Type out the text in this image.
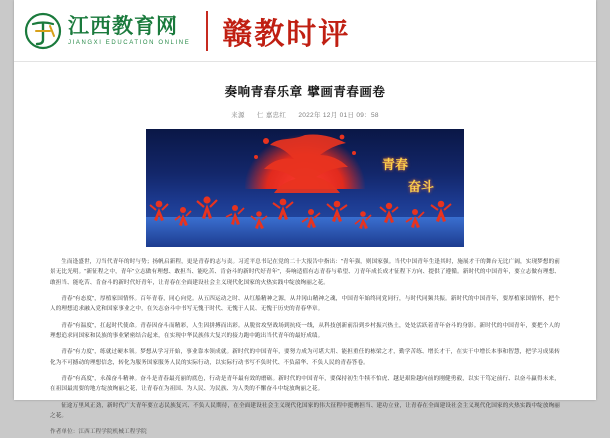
江西教育网
JIANGXI EDUCATION ONLINE 赣教时评
奏响青春乐章 擘画青春画卷
来源 仁 嘉忠红 2022年 12月 01日 09：58
青春
奋斗

生而逢盛世，刀当代青年的时与势；扬帆启新程，更是青春的志与责。习近平总书记在党的二十大报告中指出："青年强，则国家强。当代中国青年生逢其时，施展才干的舞台无比广阔，实现梦想的前景无比光明。"新征程之中，青年"立志做有理想、敢担当、能吃苦、肯奋斗的新时代好青年"，奏响适值有志青春与希望、刀青年成长成才征程下方向、提供了遵循。新时代的中国青年，要立志做有理想、敢担当、能吃苦、肯奋斗的新时代好青年，让青春在全面建设社会主义现代化国家的火热实践中绽放绚丽之花。

青春"有态度"，厚植家国情怀。百年青春，同心向党。从五四运动之时、从红船精神之源，从井冈山精神之魂，中国青年始终同党同行，与时代同频共振。新时代的中国青年，要厚植家国情怀，把个人的理想追求融入党和国家事业之中，在矢志奋斗中书写无愧于时代、无愧于人民、无愧于历史的青春华章。

青春"有温度"，扛起时代使命。青春因奋斗而精彩，人生因拼搏而出彩。从脱贫攻坚战场到抗疫一线，从科技创新前沿到乡村振兴热土，处处活跃着青年奋斗的身影。新时代的中国青年，要把个人的理想追求同国家和民族的事业紧密结合起来，在实现中华民族伟大复兴的接力跑中跑出当代青年的最好成绩。

青春"有力度"，练就过硬本领。梦想从学习开始，事业靠本领成就。新时代的中国青年，要努力成为可堪大用、能担重任的栋梁之才，勤学苦练、增长才干，在实干中增长本事和智慧，把学习成果转化为不可撼动的理想信念，转化为服务国家服务人民的实际行动，以实际行动书写不负时代、不负韶华、不负人民的青春答卷。

青春"有高度"，永葆奋斗精神。奋斗是青春最亮丽的底色，行动是青年最有效的磨砺。新时代的中国青年，要保持初生牛犊不怕虎、越是艰险越向前的刚健勇毅，以实干笃定前行、以奋斗赢得未来，在祖国最需要的地方绽放绚丽之花，让青春在为祖国、为人民、为民族、为人类的不懈奋斗中绽放绚丽之花。

征途万里风正劲，新时代广大青年要立志民族复兴、不负人民期待，在全面建设社会主义现代化国家的伟大征程中挺膺担当、建功立业，让青春在全面建设社会主义现代化国家的火热实践中绽放绚丽之花。

作者单位：江西工程学院机械工程学院
